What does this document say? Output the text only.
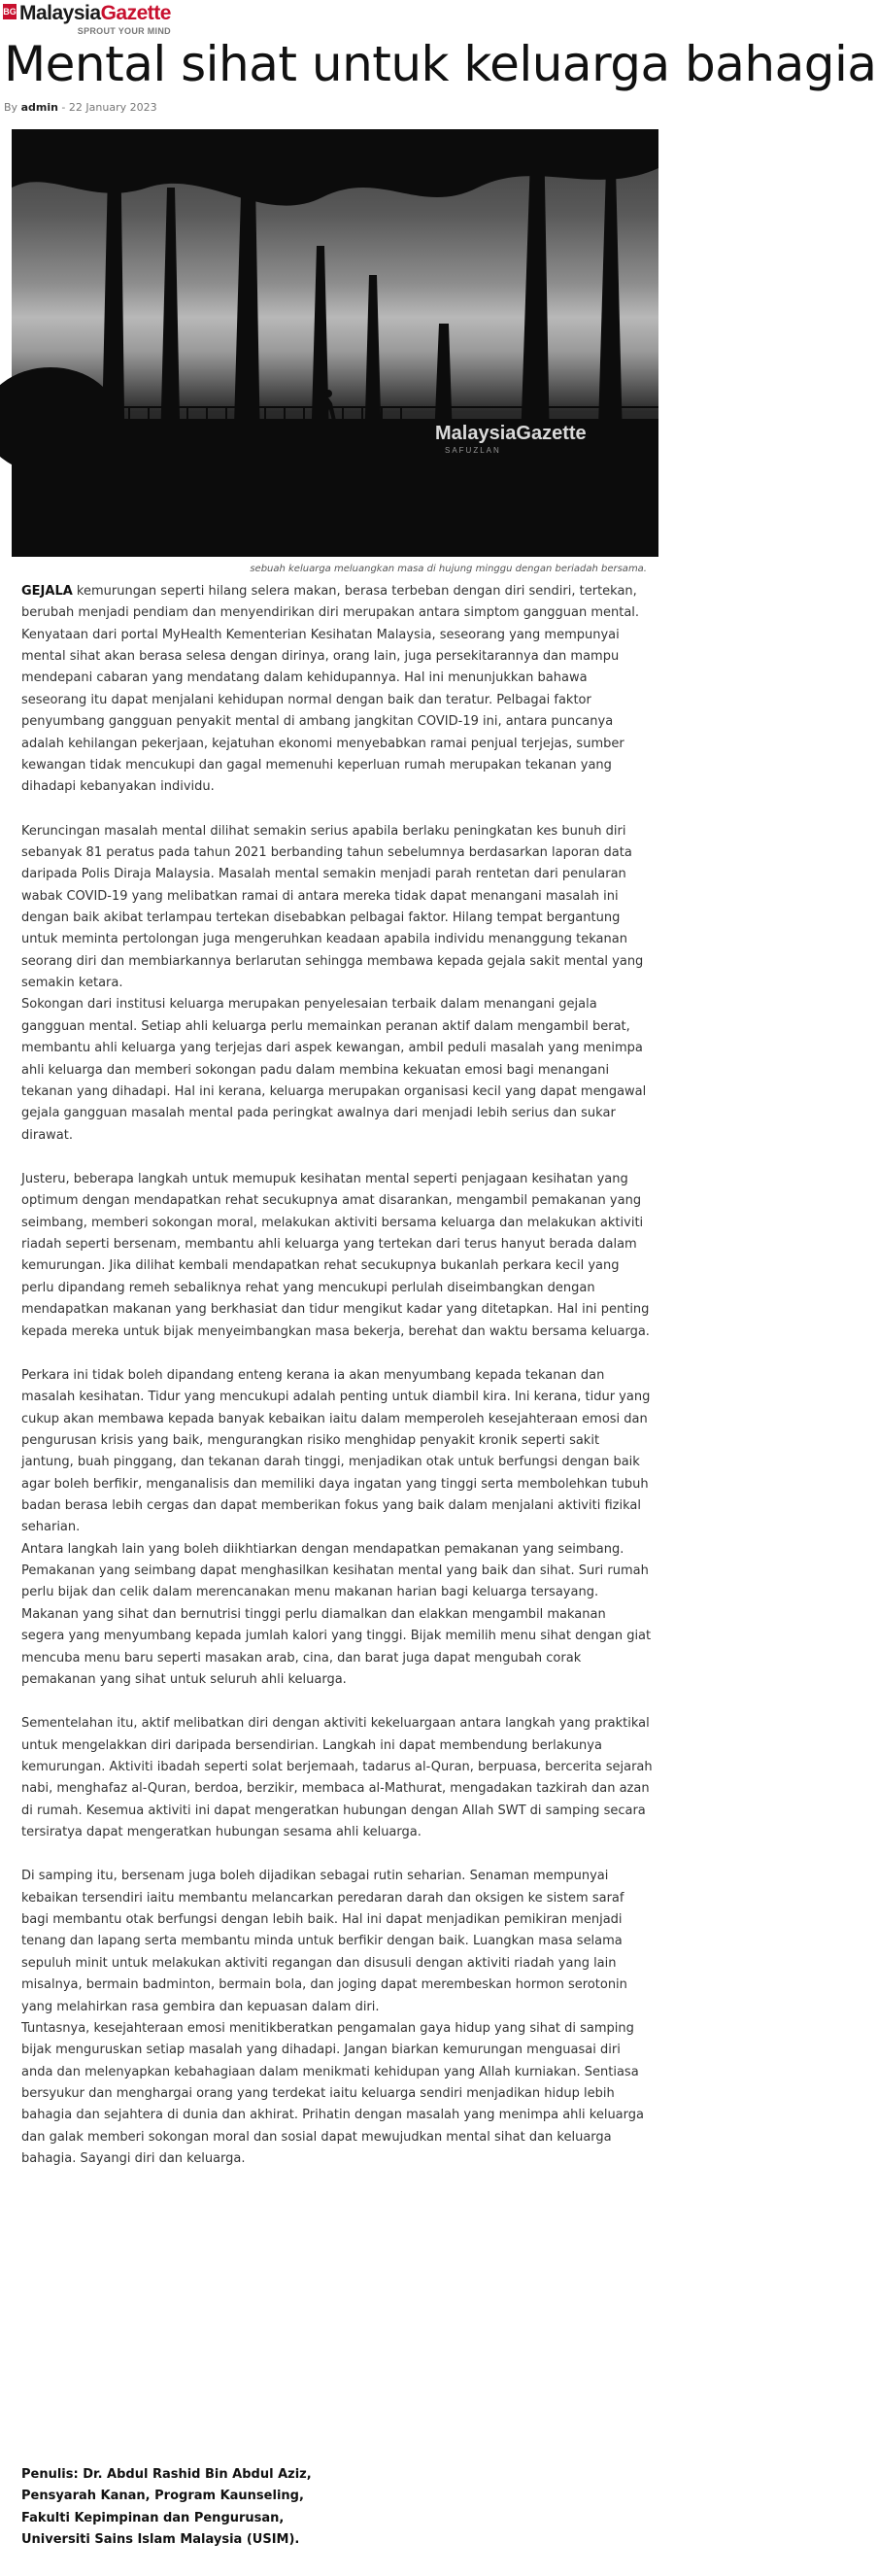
BG MalaysiaGazette
SPROUT YOUR MIND
Mental sihat untuk keluarga bahagia
By admin - 22 January 2023
MalaysiaGazette
SAFUZLAN
sebuah keluarga meluangkan masa di hujung minggu dengan beriadah bersama.

GEJALA kemurungan seperti hilang selera makan, berasa terbeban dengan diri sendiri, tertekan, berubah menjadi pendiam dan menyendirikan diri merupakan antara simptom gangguan mental. Kenyataan dari portal MyHealth Kementerian Kesihatan Malaysia, seseorang yang mempunyai mental sihat akan berasa selesa dengan dirinya, orang lain, juga persekitarannya dan mampu mendepani cabaran yang mendatang dalam kehidupannya. Hal ini menunjukkan bahawa seseorang itu dapat menjalani kehidupan normal dengan baik dan teratur. Pelbagai faktor penyumbang gangguan penyakit mental di ambang jangkitan COVID-19 ini, antara puncanya adalah kehilangan pekerjaan, kejatuhan ekonomi menyebabkan ramai penjual terjejas, sumber kewangan tidak mencukupi dan gagal memenuhi keperluan rumah merupakan tekanan yang dihadapi kebanyakan individu.

Keruncingan masalah mental dilihat semakin serius apabila berlaku peningkatan kes bunuh diri sebanyak 81 peratus pada tahun 2021 berbanding tahun sebelumnya berdasarkan laporan data daripada Polis Diraja Malaysia. Masalah mental semakin menjadi parah rentetan dari penularan wabak COVID-19 yang melibatkan ramai di antara mereka tidak dapat menangani masalah ini dengan baik akibat terlampau tertekan disebabkan pelbagai faktor. Hilang tempat bergantung untuk meminta pertolongan juga mengeruhkan keadaan apabila individu menanggung tekanan seorang diri dan membiarkannya berlarutan sehingga membawa kepada gejala sakit mental yang semakin ketara.

Sokongan dari institusi keluarga merupakan penyelesaian terbaik dalam menangani gejala gangguan mental. Setiap ahli keluarga perlu memainkan peranan aktif dalam mengambil berat, membantu ahli keluarga yang terjejas dari aspek kewangan, ambil peduli masalah yang menimpa ahli keluarga dan memberi sokongan padu dalam membina kekuatan emosi bagi menangani tekanan yang dihadapi. Hal ini kerana, keluarga merupakan organisasi kecil yang dapat mengawal gejala gangguan masalah mental pada peringkat awalnya dari menjadi lebih serius dan sukar dirawat.

Justeru, beberapa langkah untuk memupuk kesihatan mental seperti penjagaan kesihatan yang optimum dengan mendapatkan rehat secukupnya amat disarankan, mengambil pemakanan yang seimbang, memberi sokongan moral, melakukan aktiviti bersama keluarga dan melakukan aktiviti riadah seperti bersenam, membantu ahli keluarga yang tertekan dari terus hanyut berada dalam kemurungan. Jika dilihat kembali mendapatkan rehat secukupnya bukanlah perkara kecil yang perlu dipandang remeh sebaliknya rehat yang mencukupi perlulah diseimbangkan dengan mendapatkan makanan yang berkhasiat dan tidur mengikut kadar yang ditetapkan. Hal ini penting kepada mereka untuk bijak menyeimbangkan masa bekerja, berehat dan waktu bersama keluarga.

Perkara ini tidak boleh dipandang enteng kerana ia akan menyumbang kepada tekanan dan masalah kesihatan. Tidur yang mencukupi adalah penting untuk diambil kira. Ini kerana, tidur yang cukup akan membawa kepada banyak kebaikan iaitu dalam memperoleh kesejahteraan emosi dan pengurusan krisis yang baik, mengurangkan risiko menghidap penyakit kronik seperti sakit jantung, buah pinggang, dan tekanan darah tinggi, menjadikan otak untuk berfungsi dengan baik agar boleh berfikir, menganalisis dan memiliki daya ingatan yang tinggi serta membolehkan tubuh badan berasa lebih cergas dan dapat memberikan fokus yang baik dalam menjalani aktiviti fizikal seharian.

Antara langkah lain yang boleh diikhtiarkan dengan mendapatkan pemakanan yang seimbang. Pemakanan yang seimbang dapat menghasilkan kesihatan mental yang baik dan sihat. Suri rumah perlu bijak dan celik dalam merencanakan menu makanan harian bagi keluarga tersayang. Makanan yang sihat dan bernutrisi tinggi perlu diamalkan dan elakkan mengambil makanan segera yang menyumbang kepada jumlah kalori yang tinggi. Bijak memilih menu sihat dengan giat mencuba menu baru seperti masakan arab, cina, dan barat juga dapat mengubah corak pemakanan yang sihat untuk seluruh ahli keluarga.

Sementelahan itu, aktif melibatkan diri dengan aktiviti kekeluargaan antara langkah yang praktikal untuk mengelakkan diri daripada bersendirian. Langkah ini dapat membendung berlakunya kemurungan. Aktiviti ibadah seperti solat berjemaah, tadarus al-Quran, berpuasa, bercerita sejarah nabi, menghafaz al-Quran, berdoa, berzikir, membaca al-Mathurat, mengadakan tazkirah dan azan di rumah. Kesemua aktiviti ini dapat mengeratkan hubungan dengan Allah SWT di samping secara tersiratya dapat mengeratkan hubungan sesama ahli keluarga.

Di samping itu, bersenam juga boleh dijadikan sebagai rutin seharian. Senaman mempunyai kebaikan tersendiri iaitu membantu melancarkan peredaran darah dan oksigen ke sistem saraf bagi membantu otak berfungsi dengan lebih baik. Hal ini dapat menjadikan pemikiran menjadi tenang dan lapang serta membantu minda untuk berfikir dengan baik. Luangkan masa selama sepuluh minit untuk melakukan aktiviti regangan dan disusuli dengan aktiviti riadah yang lain misalnya, bermain badminton, bermain bola, dan joging dapat merembeskan hormon serotonin yang melahirkan rasa gembira dan kepuasan dalam diri.

Tuntasnya, kesejahteraan emosi menitikberatkan pengamalan gaya hidup yang sihat di samping bijak menguruskan setiap masalah yang dihadapi. Jangan biarkan kemurungan menguasai diri anda dan melenyapkan kebahagiaan dalam menikmati kehidupan yang Allah kurniakan. Sentiasa bersyukur dan menghargai orang yang terdekat iaitu keluarga sendiri menjadikan hidup lebih bahagia dan sejahtera di dunia dan akhirat. Prihatin dengan masalah yang menimpa ahli keluarga dan galak memberi sokongan moral dan sosial dapat mewujudkan mental sihat dan keluarga bahagia. Sayangi diri dan keluarga.

Penulis: Dr. Abdul Rashid Bin Abdul Aziz,
Pensyarah Kanan, Program Kaunseling,
Fakulti Kepimpinan dan Pengurusan,
Universiti Sains Islam Malaysia (USIM).
